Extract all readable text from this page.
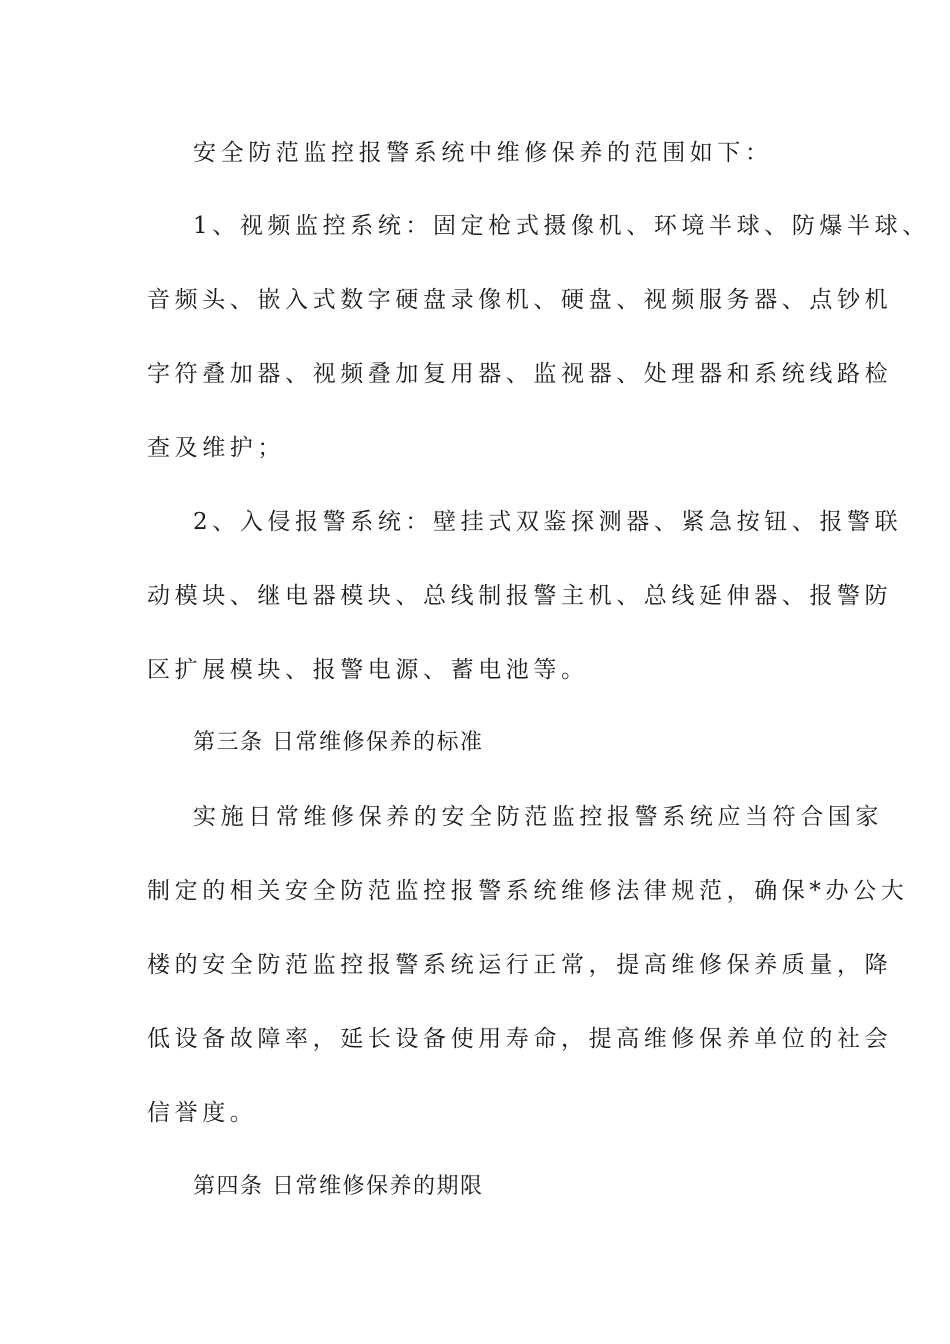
安全防范监控报警系统中维修保养的范围如下：

1、视频监控系统：固定枪式摄像机、环境半球、防爆半球、

音频头、嵌入式数字硬盘录像机、硬盘、视频服务器、点钞机

字符叠加器、视频叠加复用器、监视器、处理器和系统线路检

查及维护；

2、入侵报警系统：壁挂式双鉴探测器、紧急按钮、报警联

动模块、继电器模块、总线制报警主机、总线延伸器、报警防

区扩展模块、报警电源、蓄电池等。

第三条 日常维修保养的标准

实施日常维修保养的安全防范监控报警系统应当符合国家

制定的相关安全防范监控报警系统维修法律规范，确保*办公大

楼的安全防范监控报警系统运行正常，提高维修保养质量，降

低设备故障率，延长设备使用寿命，提高维修保养单位的社会

信誉度。

第四条 日常维修保养的期限
